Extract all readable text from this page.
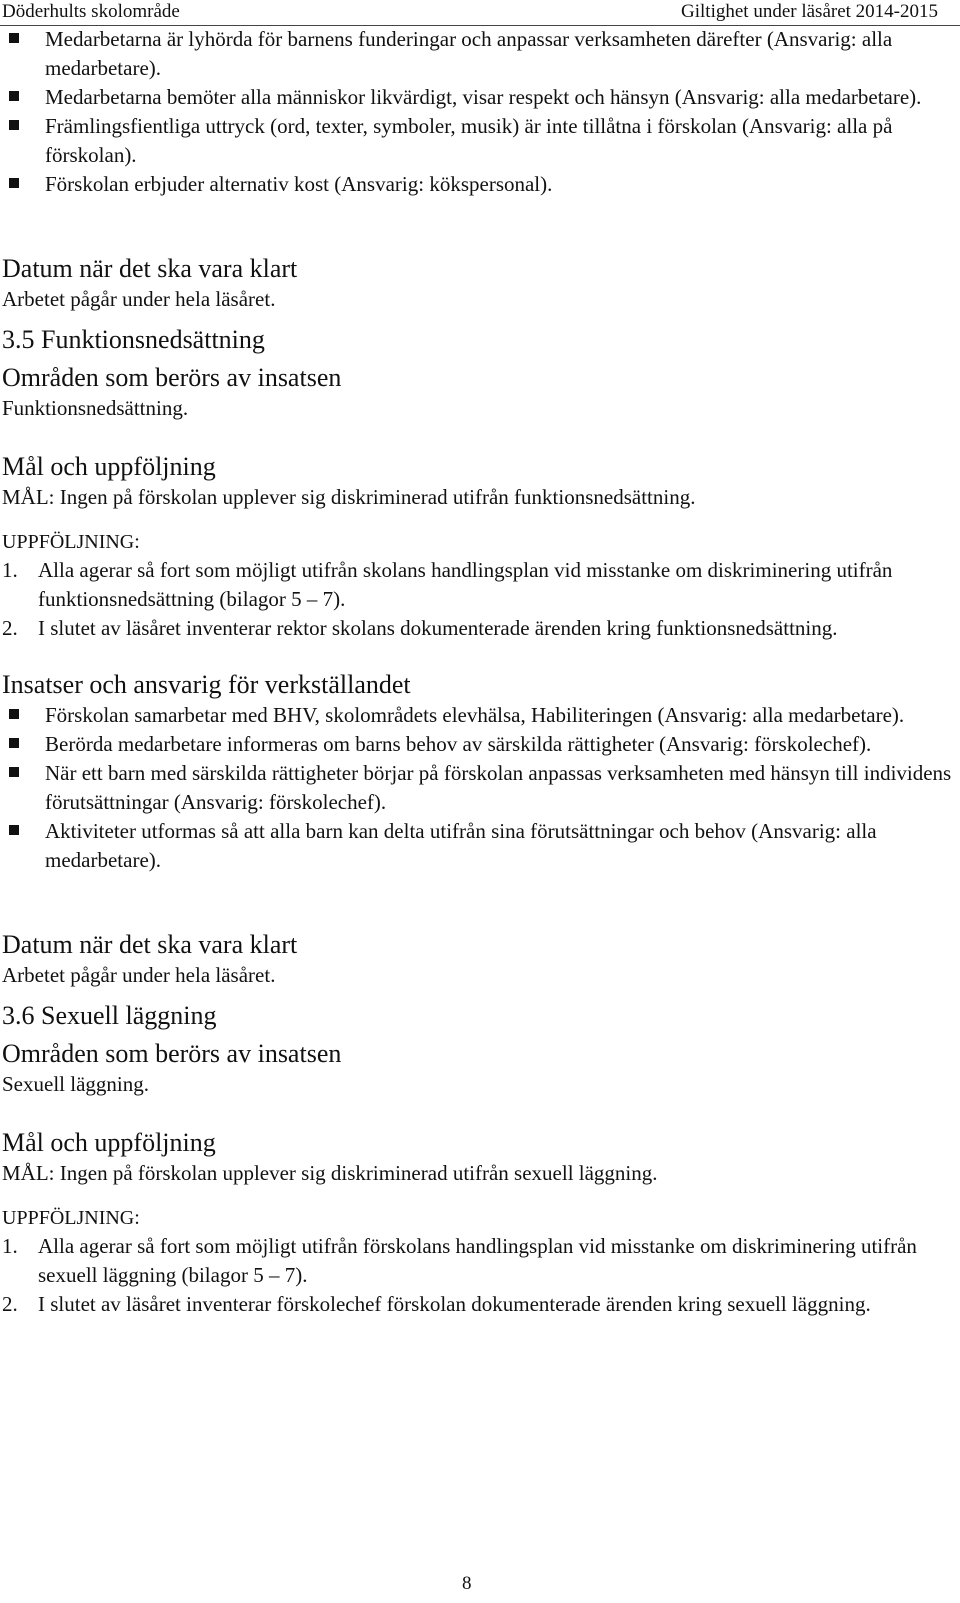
Döderhults skolområde	Giltighet under läsåret 2014-2015
Medarbetarna är lyhörda för barnens funderingar och anpassar verksamheten därefter (Ansvarig: alla medarbetare).
Medarbetarna bemöter alla människor likvärdigt, visar respekt och hänsyn (Ansvarig: alla medarbetare).
Främlingsfientliga uttryck (ord, texter, symboler, musik) är inte tillåtna i förskolan (Ansvarig: alla på förskolan).
Förskolan erbjuder alternativ kost (Ansvarig: kökspersonal).
Datum när det ska vara klart

Arbetet pågår under hela läsåret.

3.5 Funktionsnedsättning
Områden som berörs av insatsen

Funktionsnedsättning.

Mål och uppföljning

MÅL: Ingen på förskolan upplever sig diskriminerad utifrån funktionsnedsättning.

UPPFÖLJNING:

1. Alla agerar så fort som möjligt utifrån skolans handlingsplan vid misstanke om diskriminering utifrån funktionsnedsättning (bilagor 5 – 7).
2. I slutet av läsåret inventerar rektor skolans dokumenterade ärenden kring funktionsnedsättning.
Insatser och ansvarig för verkställandet
Förskolan samarbetar med BHV, skolområdets elevhälsa, Habiliteringen (Ansvarig: alla medarbetare).
Berörda medarbetare informeras om barns behov av särskilda rättigheter (Ansvarig: förskolechef).
När ett barn med särskilda rättigheter börjar på förskolan anpassas verksamheten med hänsyn till individens förutsättningar (Ansvarig: förskolechef).
Aktiviteter utformas så att alla barn kan delta utifrån sina förutsättningar och behov (Ansvarig: alla medarbetare).
Datum när det ska vara klart

Arbetet pågår under hela läsåret.

3.6 Sexuell läggning
Områden som berörs av insatsen

Sexuell läggning.

Mål och uppföljning

MÅL: Ingen på förskolan upplever sig diskriminerad utifrån sexuell läggning.

UPPFÖLJNING:

1. Alla agerar så fort som möjligt utifrån förskolans handlingsplan vid misstanke om diskriminering utifrån sexuell läggning (bilagor 5 – 7).
2. I slutet av läsåret inventerar förskolechef förskolan dokumenterade ärenden kring sexuell läggning.
8
